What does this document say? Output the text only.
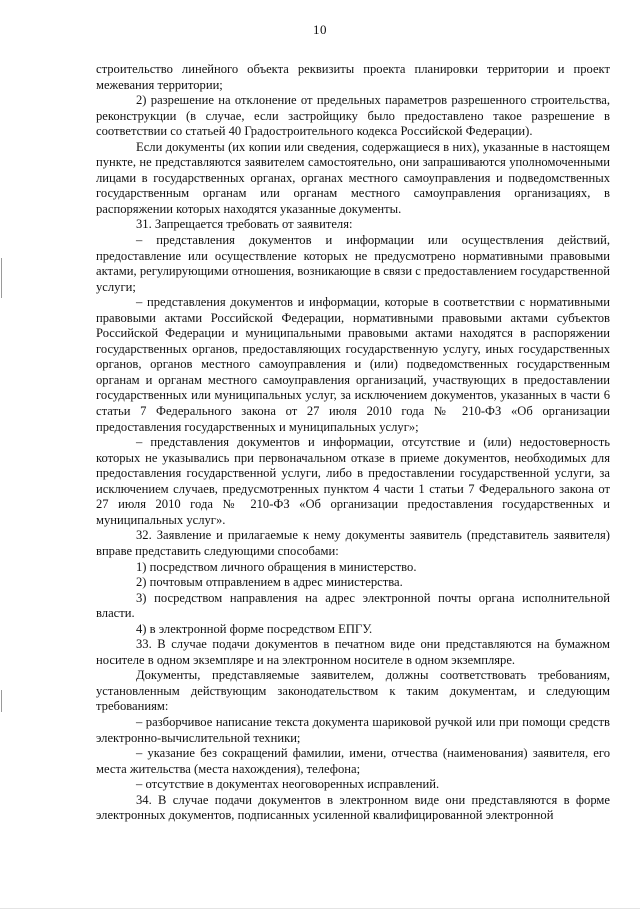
10

строительство линейного объекта реквизиты проекта планировки территории и проект межевания территории;

2) разрешение на отклонение от предельных параметров разрешенного строительства, реконструкции (в случае, если застройщику было предоставлено такое разрешение в соответствии со статьей 40 Градостроительного кодекса Российской Федерации).

Если документы (их копии или сведения, содержащиеся в них), указанные в настоящем пункте, не представляются заявителем самостоятельно, они запрашиваются уполномоченными лицами в государственных органах, органах местного самоуправления и подведомственных государственным органам или органам местного самоуправления организациях, в распоряжении которых находятся указанные документы.

31. Запрещается требовать от заявителя:

– представления документов и информации или осуществления действий, предоставление или осуществление которых не предусмотрено нормативными правовыми актами, регулирующими отношения, возникающие в связи с предоставлением государственной услуги;

– представления документов и информации, которые в соответствии с нормативными правовыми актами Российской Федерации, нормативными правовыми актами субъектов Российской Федерации и муниципальными правовыми актами находятся в распоряжении государственных органов, предоставляющих государственную услугу, иных государственных органов, органов местного самоуправления и (или) подведомственных государственным органам и органам местного самоуправления организаций, участвующих в предоставлении государственных или муниципальных услуг, за исключением документов, указанных в части 6 статьи 7 Федерального закона от 27 июля 2010 года № 210-ФЗ «Об организации предоставления государственных и муниципальных услуг»;

– представления документов и информации, отсутствие и (или) недостоверность которых не указывались при первоначальном отказе в приеме документов, необходимых для предоставления государственной услуги, либо в предоставлении государственной услуги, за исключением случаев, предусмотренных пунктом 4 части 1 статьи 7 Федерального закона от 27 июля 2010 года № 210-ФЗ «Об организации предоставления государственных и муниципальных услуг».

32. Заявление и прилагаемые к нему документы заявитель (представитель заявителя) вправе представить следующими способами:

1) посредством личного обращения в министерство.

2) почтовым отправлением в адрес министерства.

3) посредством направления на адрес электронной почты органа исполнительной власти.

4) в электронной форме посредством ЕПГУ.

33. В случае подачи документов в печатном виде они представляются на бумажном носителе в одном экземпляре и на электронном носителе в одном экземпляре.

Документы, представляемые заявителем, должны соответствовать требованиям, установленным действующим законодательством к таким документам, и следующим требованиям:

– разборчивое написание текста документа шариковой ручкой или при помощи средств электронно-вычислительной техники;

– указание без сокращений фамилии, имени, отчества (наименования) заявителя, его места жительства (места нахождения), телефона;

– отсутствие в документах неоговоренных исправлений.

34. В случае подачи документов в электронном виде они представляются в форме электронных документов, подписанных усиленной квалифицированной электронной
